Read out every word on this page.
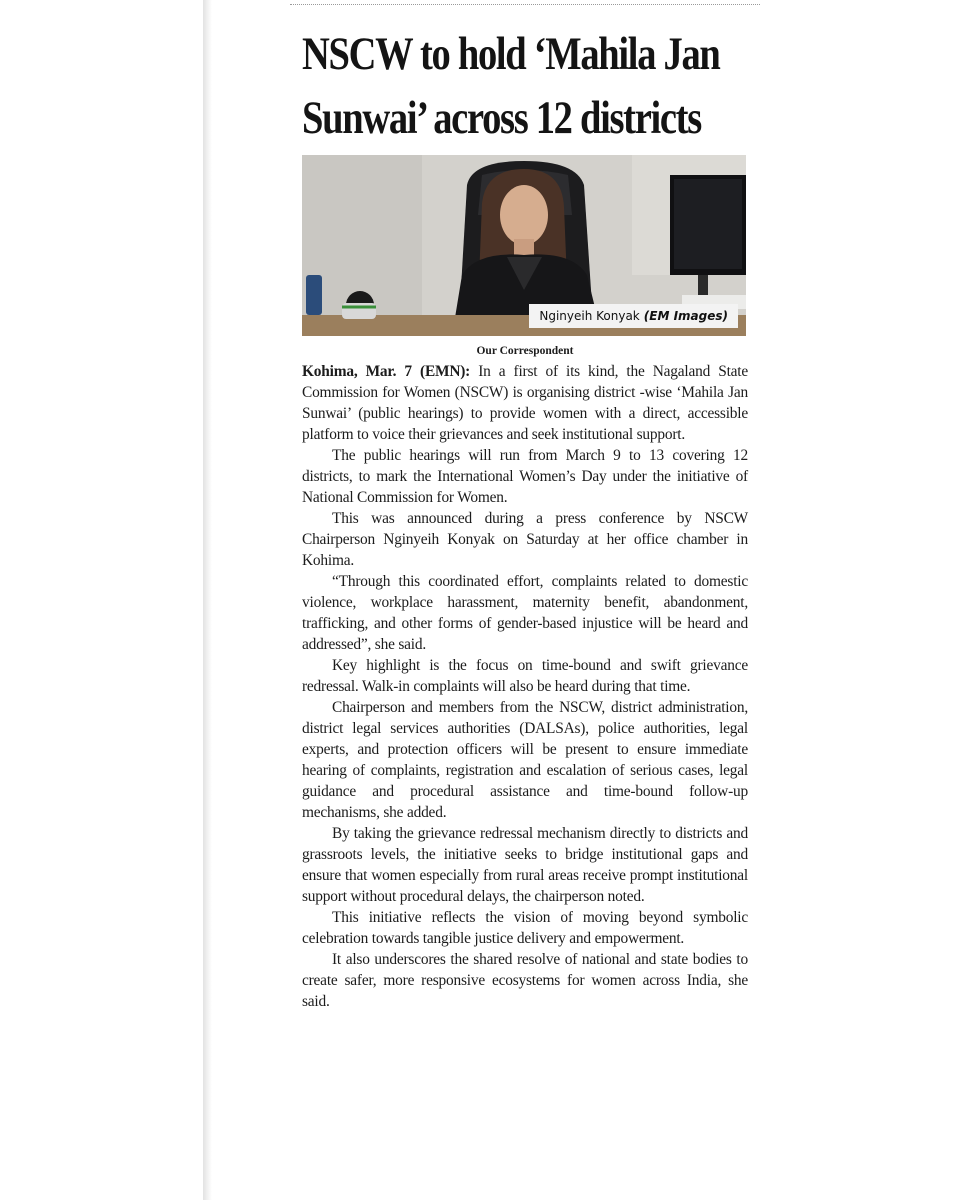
NSCW to hold ‘Mahila Jan
Sunwai’ across 12 districts
Nginyeih Konyak (EM Images)
Our Correspondent

Kohima, Mar. 7 (EMN): In a first of its kind, the Nagaland State Commission for Women (NSCW) is organising district -wise ‘Mahila Jan Sunwai’ (public hearings) to provide women with a direct, accessible platform to voice their grievances and seek institutional support.

The public hearings will run from March 9 to 13 covering 12 districts, to mark the International Women’s Day under the initiative of National Commission for Women.

This was announced during a press conference by NSCW Chairperson Nginyeih Konyak on Saturday at her office chamber in Kohima.

“Through this coordinated effort, complaints related to domestic violence, workplace harassment, maternity benefit, abandonment, trafficking, and other forms of gender-based injustice will be heard and addressed”, she said.

Key highlight is the focus on time-bound and swift grievance redressal. Walk-in complaints will also be heard during that time.

Chairperson and members from the NSCW, district administration, district legal services authorities (DALSAs), police authorities, legal experts, and protection officers will be present to ensure immediate hearing of complaints, registration and escalation of serious cases, legal guidance and procedural assistance and time-bound follow-up mechanisms, she added.

By taking the grievance redressal mechanism directly to districts and grassroots levels, the initiative seeks to bridge institutional gaps and ensure that women especially from rural areas receive prompt institutional support without procedural delays, the chairperson noted.

This initiative reflects the vision of moving beyond symbolic celebration towards tangible justice delivery and empowerment.

It also underscores the shared resolve of national and state bodies to create safer, more responsive ecosystems for women across India, she said.
